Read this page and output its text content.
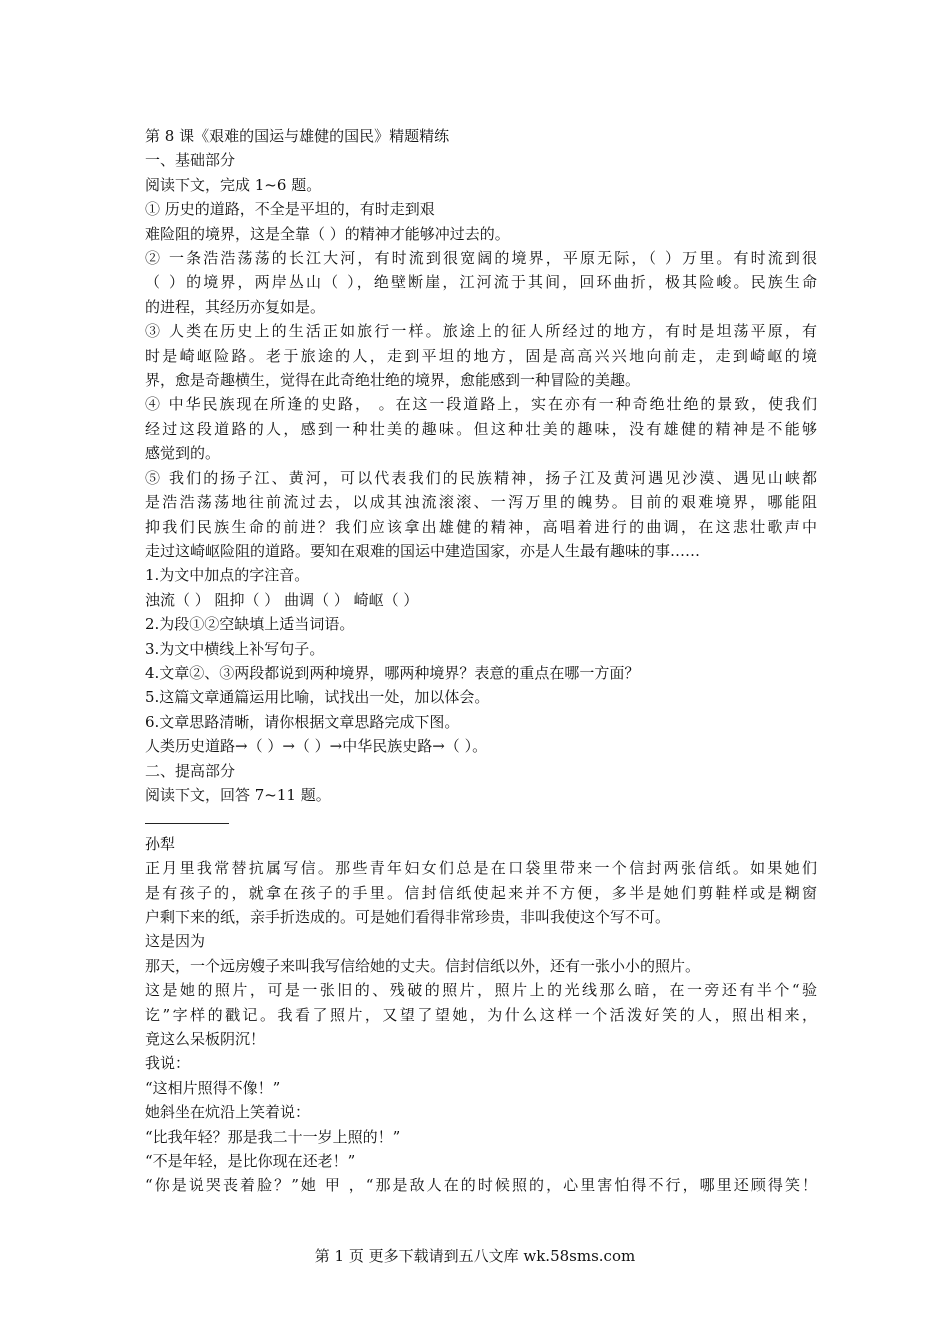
第 8 课《艰难的国运与雄健的国民》精题精练

一、基础部分

阅读下文，完成 1~6 题。

① 历史的道路，不全是平坦的，有时走到艰

难险阻的境界，这是全靠（ ）的精神才能够冲过去的。

② 一条浩浩荡荡的长江大河，有时流到很宽阔的境界，平原无际，（ ）万里。有时流到很

（ ）的境界，两岸丛山（ ），绝壁断崖，江河流于其间，回环曲折，极其险峻。民族生命

的进程，其经历亦复如是。

③ 人类在历史上的生活正如旅行一样。旅途上的征人所经过的地方，有时是坦荡平原，有

时是崎岖险路。老于旅途的人，走到平坦的地方，固是高高兴兴地向前走，走到崎岖的境

界，愈是奇趣横生，觉得在此奇绝壮绝的境界，愈能感到一种冒险的美趣。

④ 中华民族现在所逢的史路， 。在这一段道路上，实在亦有一种奇绝壮绝的景致，使我们

经过这段道路的人，感到一种壮美的趣味。但这种壮美的趣味，没有雄健的精神是不能够

感觉到的。

⑤ 我们的扬子江、黄河，可以代表我们的民族精神，扬子江及黄河遇见沙漠、遇见山峡都

是浩浩荡荡地往前流过去，以成其浊流滚滚、一泻万里的魄势。目前的艰难境界，哪能阻

抑我们民族生命的前进？我们应该拿出雄健的精神，高唱着进行的曲调，在这悲壮歌声中

走过这崎岖险阻的道路。要知在艰难的国运中建造国家，亦是人生最有趣味的事……

1.为文中加点的字注音。

浊流（ ） 阻抑（ ） 曲调（ ） 崎岖（ ）

2.为段①②空缺填上适当词语。

3.为文中横线上补写句子。

4.文章②、③两段都说到两种境界，哪两种境界？表意的重点在哪一方面？

5.这篇文章通篇运用比喻，试找出一处，加以体会。

6.文章思路清晰，请你根据文章思路完成下图。

人类历史道路→（ ）→（ ）→中华民族史路→（ ）。

二、提高部分

阅读下文，回答 7~11 题。

孙犁

正月里我常替抗属写信。那些青年妇女们总是在口袋里带来一个信封两张信纸。如果她们

是有孩子的，就拿在孩子的手里。信封信纸使起来并不方便，多半是她们剪鞋样或是糊窗

户剩下来的纸，亲手折迭成的。可是她们看得非常珍贵，非叫我使这个写不可。

这是因为

那天，一个远房嫂子来叫我写信给她的丈夫。信封信纸以外，还有一张小小的照片。

这是她的照片，可是一张旧的、残破的照片，照片上的光线那么暗，在一旁还有半个“验

讫”字样的戳记。我看了照片，又望了望她，为什么这样一个活泼好笑的人，照出相来，

竟这么呆板阴沉！

我说：

“这相片照得不像！”

她斜坐在炕沿上笑着说：

“比我年轻？那是我二十一岁上照的！”

“不是年轻，是比你现在还老！”

“你是说哭丧着脸？”她 甲 ，“那是敌人在的时候照的，心里害怕得不行，哪里还顾得笑！

第 1 页 更多下载请到五八文库 wk.58sms.com
